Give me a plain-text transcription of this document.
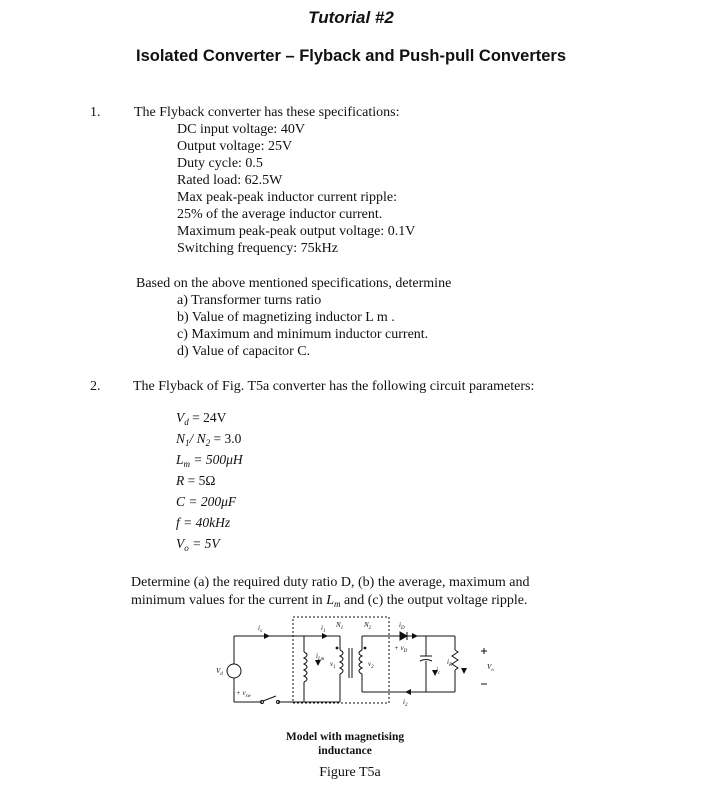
Tutorial #2
Isolated Converter – Flyback and Push-pull Converters
1. The Flyback converter has these specifications:
DC input voltage: 40V
Output voltage: 25V
Duty cycle: 0.5
Rated load: 62.5W
Max peak-peak inductor current ripple:
25% of the average inductor current.
Maximum peak-peak output voltage: 0.1V
Switching frequency: 75kHz
Based on the above mentioned specifications, determine
a) Transformer turns ratio
b) Value of magnetizing inductor L m .
c) Maximum and minimum inductor current.
d) Value of capacitor C.
2. The Flyback of Fig. T5a converter has the following circuit parameters:
$V_d = 24V$
$N_1/$ $N_2 = 3.0$
$L_m = 500\mu H$
R = 5Ω
C = 200μF
f = 40kHz
$V_o = 5V$
Determine (a) the required duty ratio D, (b) the average, maximum and
minimum values for the current in $L_m$ and (c) the output voltage ripple.
$i_s$	$i_1$
$N_1$	$N_2$	$i_D$
$V_d$
$i_{Lm}$
$v_1$	$v_2$
+ $v_D$
$i_c$
$i_R$	$V_o$
$i_2$
+ $v_{sw}$
Model with magnetising
inductance
Figure T5a
